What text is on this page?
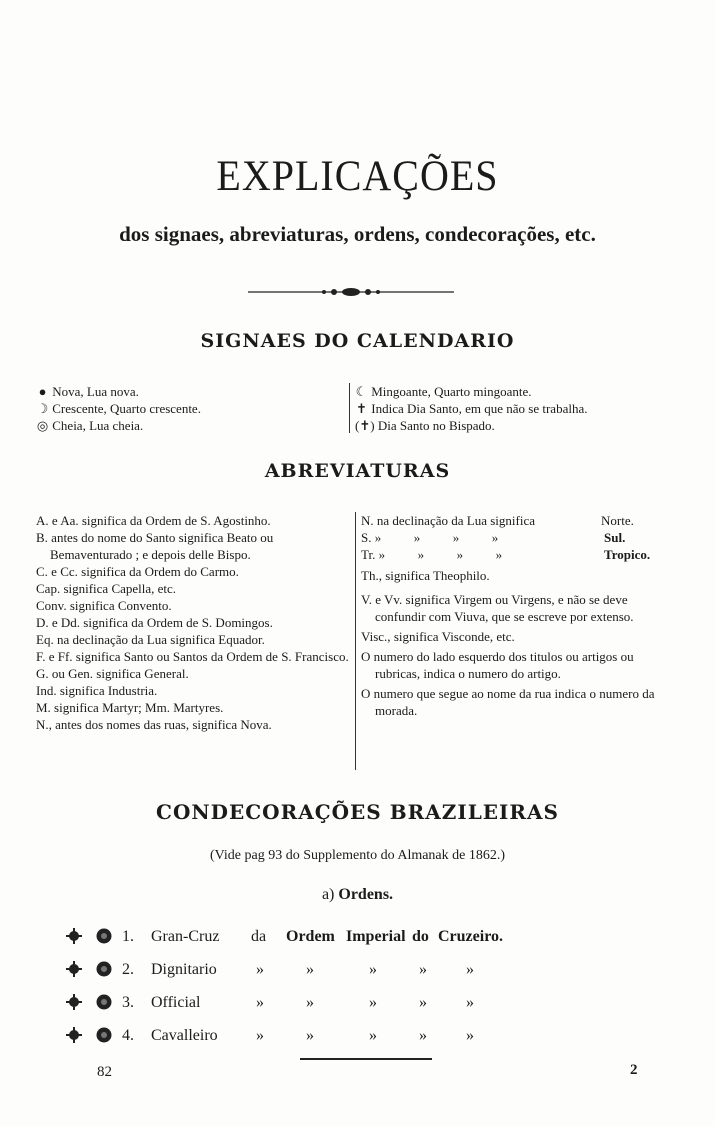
EXPLICAÇÕES
dos signaes, abreviaturas, ordens, condecorações, etc.
SIGNAES DO CALENDARIO
● Nova, Lua nova.
☽ Crescente, Quarto crescente.
◎ Cheia, Lua cheia.
☾ Mingoante, Quarto mingoante.
✝ Indica Dia Santo, em que não se trabalha.
(✝) Dia Santo no Bispado.
ABREVIATURAS

A. e Aa. significa da Ordem de S. Agostinho.

B. antes do nome do Santo significa Beato ou Bemaventurado ; e depois delle Bispo.

C. e Cc. significa da Ordem do Carmo.

Cap. significa Capella, etc.

Conv. significa Convento.

D. e Dd. significa da Ordem de S. Domingos.

Eq. na declinação da Lua significa Equador.

F. e Ff. significa Santo ou Santos da Ordem de S. Francisco.

G. ou Gen. significa General.

Ind. significa Industria.

M. significa Martyr; Mm. Martyres.

N., antes dos nomes das ruas, significa Nova.

N. na declinação da Lua significa	Norte.
S. »          »          »          »	Sul.
Tr. »          »          »          »	Tropico.
Th., significa Theophilo.

V. e Vv. significa Virgem ou Virgens, e não se deve confundir com Viuva, que se escreve por extenso.

Visc., significa Visconde, etc.

O numero do lado esquerdo dos titulos ou artigos ou rubricas, indica o numero do artigo.

O numero que segue ao nome da rua indica o numero da morada.

CONDECORAÇÕES BRAZILEIRAS
(Vide pag 93 do Supplemento do Almanak de 1862.)
a) Ordens.
1. Gran-Cruz da Ordem Imperial do Cruzeiro.
2. Dignitario »	»	»	» »
3. Official	»	»	»	» »
4. Cavalleiro »	»	»	» »
82	2
